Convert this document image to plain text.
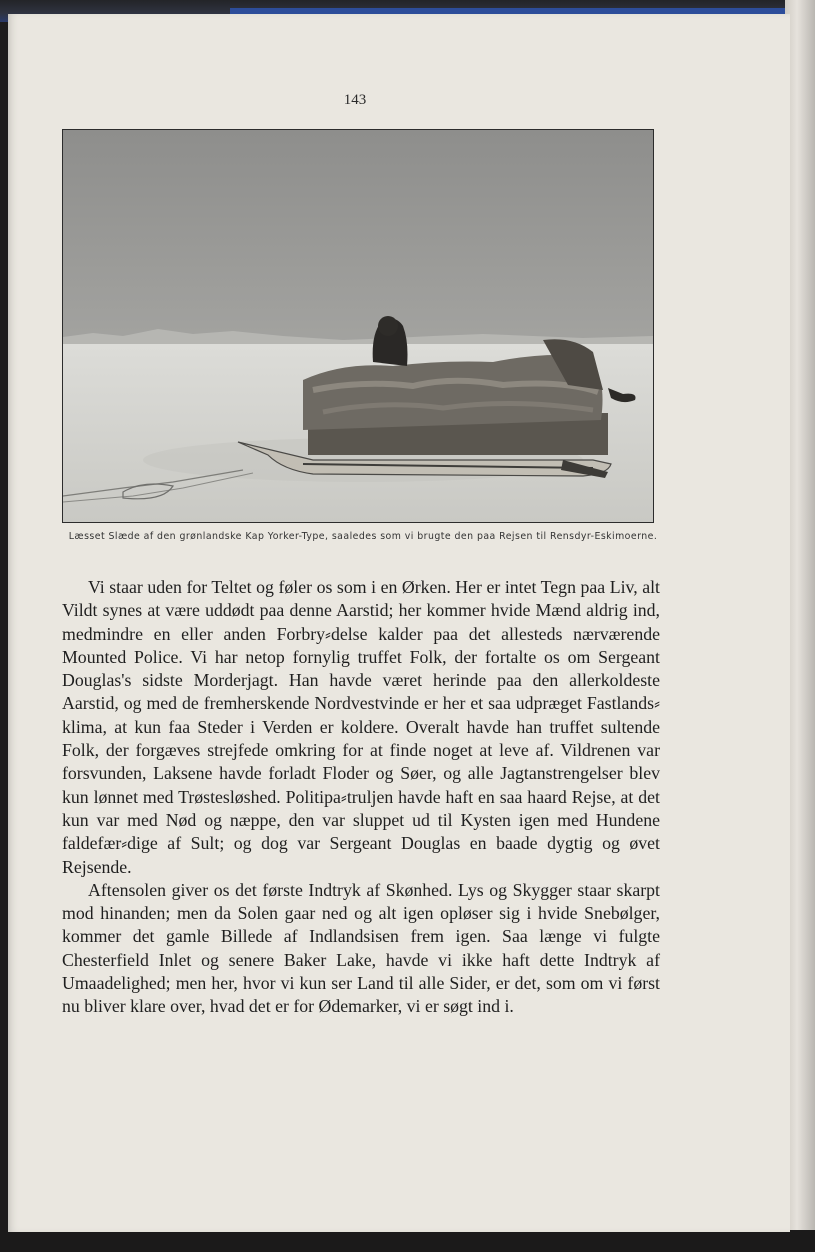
143
Læsset Slæde af den grønlandske Kap Yorker-Type, saaledes som vi brugte den paa Rejsen til Rensdyr-Eskimoerne.

Vi staar uden for Teltet og føler os som i en Ørken. Her er intet Tegn paa Liv, alt Vildt synes at være uddødt paa denne Aarstid; her kommer hvide Mænd aldrig ind, medmindre en eller anden Forbry⸗delse kalder paa det allesteds nærværende Mounted Police. Vi har netop fornylig truffet Folk, der fortalte os om Sergeant Douglas's sidste Morderjagt. Han havde været herinde paa den allerkoldeste Aarstid, og med de fremherskende Nordvestvinde er her et saa udpræget Fastlands⸗klima, at kun faa Steder i Verden er koldere. Overalt havde han truffet sultende Folk, der forgæves strejfede omkring for at finde noget at leve af. Vildrenen var forsvunden, Laksene havde forladt Floder og Søer, og alle Jagtanstrengelser blev kun lønnet med Trøstesløshed. Politipa⸗truljen havde haft en saa haard Rejse, at det kun var med Nød og næppe, den var sluppet ud til Kysten igen med Hundene faldefær⸗dige af Sult; og dog var Sergeant Douglas en baade dygtig og øvet Rejsende.

Aftensolen giver os det første Indtryk af Skønhed. Lys og Skygger staar skarpt mod hinanden; men da Solen gaar ned og alt igen opløser sig i hvide Snebølger, kommer det gamle Billede af Indlandsisen frem igen. Saa længe vi fulgte Chesterfield Inlet og senere Baker Lake, havde vi ikke haft dette Indtryk af Umaadelighed; men her, hvor vi kun ser Land til alle Sider, er det, som om vi først nu bliver klare over, hvad det er for Ødemarker, vi er søgt ind i.
